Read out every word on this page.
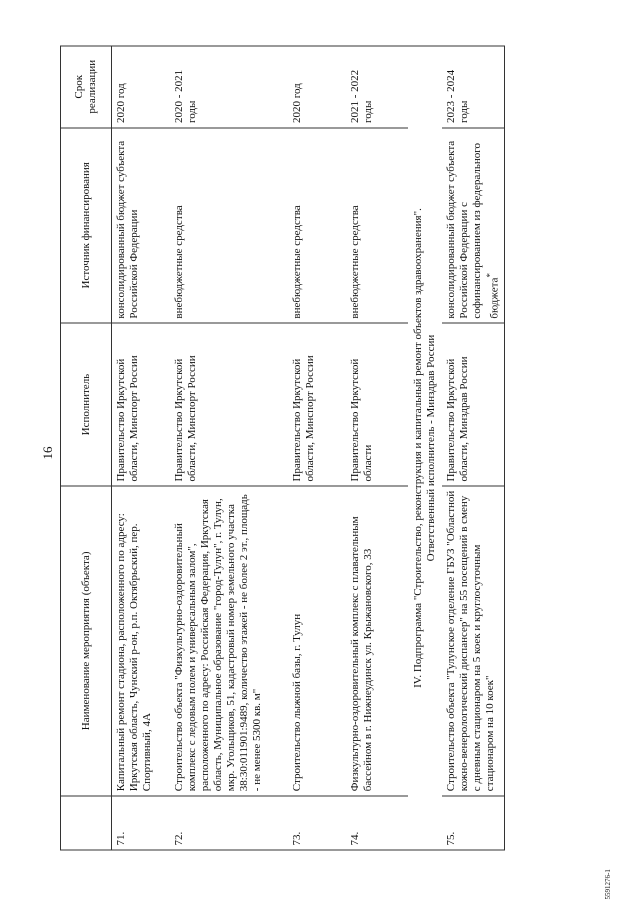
16
	Наименование мероприятия (объекта)	Исполнитель	Источник финансирования	Срок реализации
71.	Капитальный ремонт стадиона, расположенного по адресу: Иркутская область, Чунский р-он, р.п. Октябрьский, пер. Спортивный, 4А	Правительство Иркутской области, Минспорт России	консолидированный бюджет субъекта Российской Федерации	2020 год
72.	Строительство объекта "Физкультурно-оздоровительный комплекс с ледовым полем и универсальным залом", расположенного по адресу: Российская Федерация, Иркутская область, Муниципальное образование "город-Тулун", г. Тулун, мкр. Угольщиков, 51, кадастровый номер земельного участка 38:30:011901:9489, количество этажей - не более 2 эт., площадь - не менее 5300 кв. м"	Правительство Иркутской области, Минспорт России	внебюджетные средства	2020 - 2021 годы
73.	Строительство лыжной базы, г. Тулун	Правительство Иркутской области, Минспорт России	внебюджетные средства	2020 год
74.	Физкультурно-оздоровительный комплекс с плавательным бассейном в г. Нижнеудинск ул. Крыжановского, 33	Правительство Иркутской области	внебюджетные средства	2021 - 2022 годы

IV. Подпрограмма "Строительство, реконструкция и капитальный ремонт объектов здравоохранения". Ответственный исполнитель - Минздрав России				

75.	Строительство объекта "Тулунское отделение ГБУЗ "Областной кожно-венерологический диспансер" на 55 посещений в смену с дневным стационаром на 5 коек и круглосуточным стационаром на 10 коек"	Правительство Иркутской области, Минздрав России	консолидированный бюджет субъекта Российской Федерации с софинансированием из федерального бюджета*	2023 - 2024 годы
5591276-1
